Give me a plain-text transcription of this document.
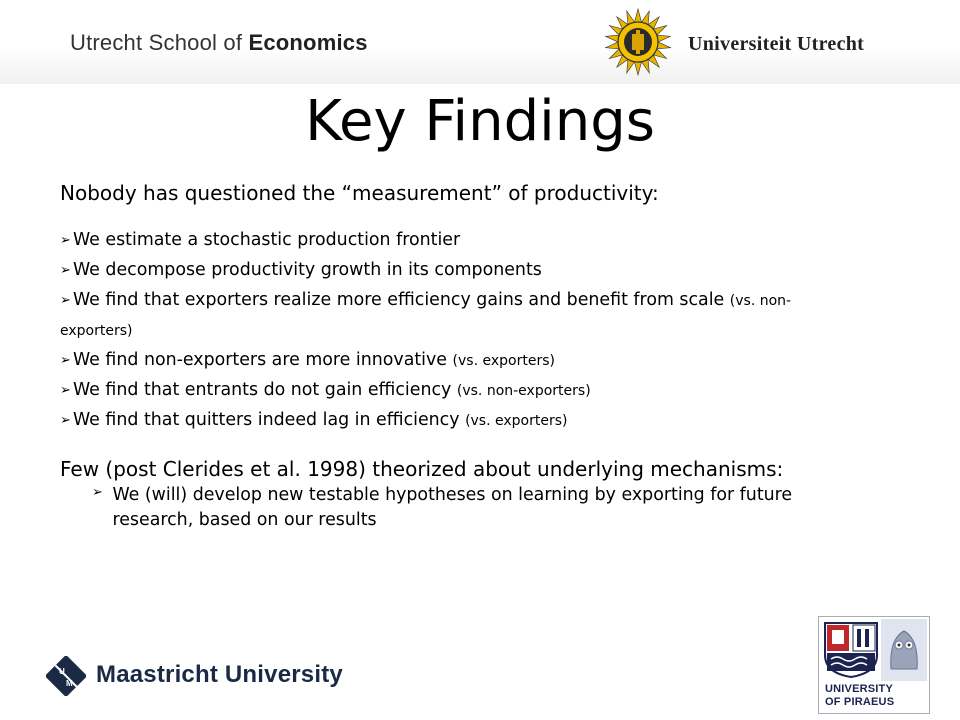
Utrecht School of Economics	Universiteit Utrecht
Key Findings

Nobody has questioned the “measurement” of productivity:

➢ We estimate a stochastic production frontier
➢ We decompose productivity growth in its components
➢ We find that exporters realize more efficiency gains and benefit from scale (vs. non-exporters)
➢ We find non-exporters are more innovative (vs. exporters)
➢ We find that entrants do not gain efficiency (vs. non-exporters)
➢ We find that quitters indeed lag in efficiency (vs. exporters)

Few (post Clerides et al. 1998) theorized about underlying mechanisms:

➢ We (will) develop new testable hypotheses on learning by exporting for future research, based on our results
U
M Maastricht University
UNIVERSITY
OF PIRAEUS
